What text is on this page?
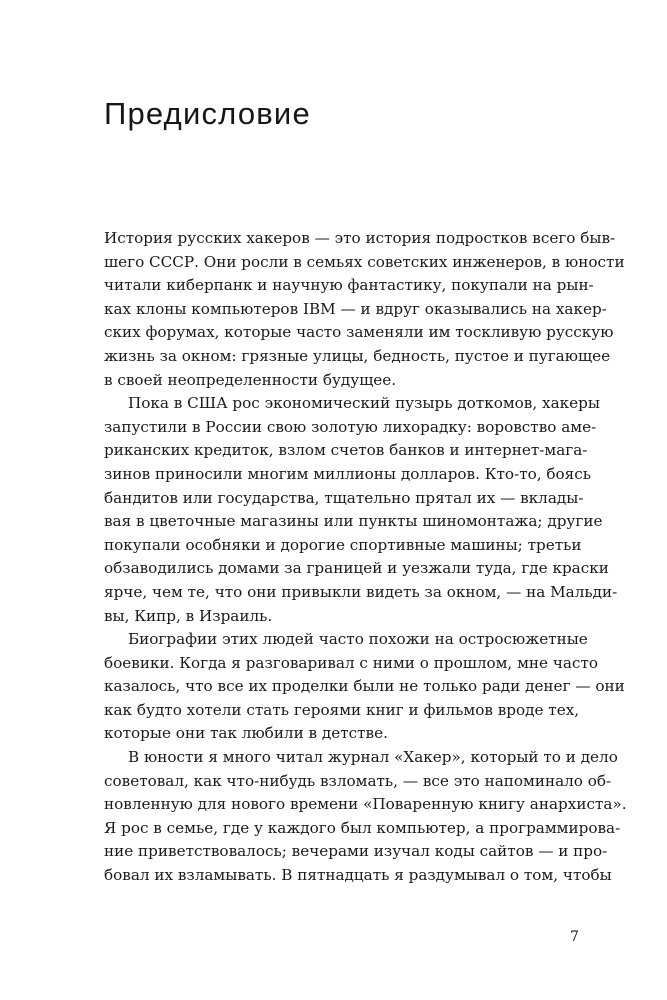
Предисловие
История русских хакеров — это история подростков всего быв-
шего СССР. Они росли в семьях советских инженеров, в юности
читали киберпанк и научную фантастику, покупали на рын-
ках клоны компьютеров IBM — и вдруг оказывались на хакер-
ских форумах, которые часто заменяли им тоскливую русскую
жизнь за окном: грязные улицы, бедность, пустое и пугающее
в своей неопределенности будущее.
Пока в США рос экономический пузырь доткомов, хакеры
запустили в России свою золотую лихорадку: воровство аме-
риканских кредиток, взлом счетов банков и интернет-мага-
зинов приносили многим миллионы долларов. Кто-то, боясь
бандитов или государства, тщательно прятал их — вклады-
вая в цветочные магазины или пункты шиномонтажа; другие
покупали особняки и дорогие спортивные машины; третьи
обзаводились домами за границей и уезжали туда, где краски
ярче, чем те, что они привыкли видеть за окном, — на Мальди-
вы, Кипр, в Израиль.
Биографии этих людей часто похожи на остросюжетные
боевики. Когда я разговаривал с ними о прошлом, мне часто
казалось, что все их проделки были не только ради денег — они
как будто хотели стать героями книг и фильмов вроде тех,
которые они так любили в детстве.
В юности я много читал журнал «Хакер», который то и дело
советовал, как что-нибудь взломать, — все это напоминало об-
новленную для нового времени «Поваренную книгу анархиста».
Я рос в семье, где у каждого был компьютер, а программирова-
ние приветствовалось; вечерами изучал коды сайтов — и про-
бовал их взламывать. В пятнадцать я раздумывал о том, чтобы
7
